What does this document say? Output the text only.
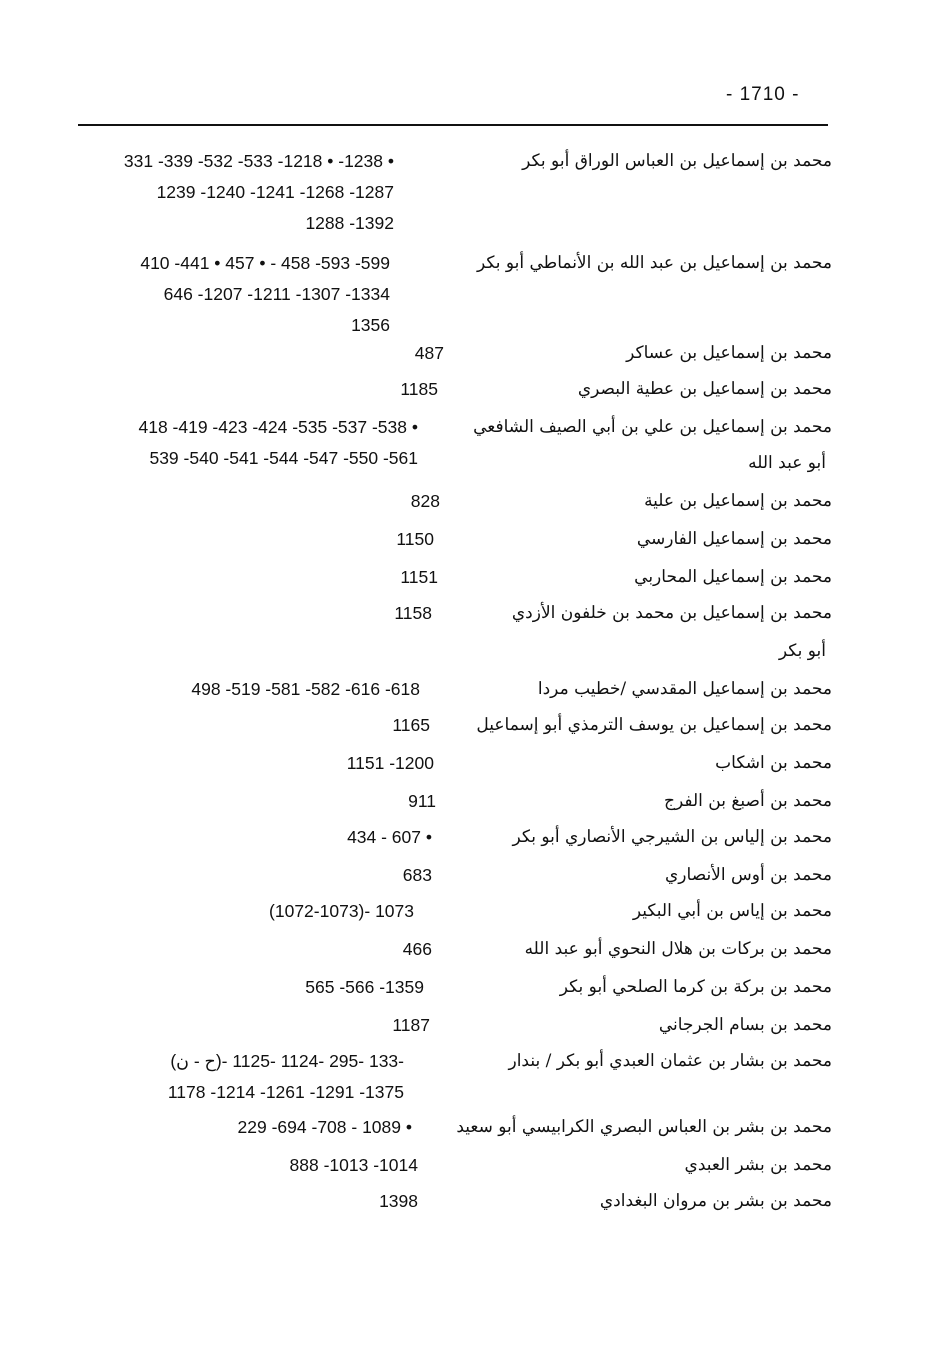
- 1710 -
محمد بن إسماعيل بن العباس الوراق أبو بكر
331 -339 -532 -533 -1218 • -1238 •
1239 -1240 -1241 -1268 -1287
1288 -1392
محمد بن إسماعيل بن عبد الله بن الأنماطي أبو بكر
410 -441 • 457 • - 458 -593 -599
646 -1207 -1211 -1307 -1334
1356
محمد بن إسماعيل بن عساكر
487
محمد بن إسماعيل بن عطية البصري
1185
محمد بن إسماعيل بن علي بن أبي الصيف الشافعي
418 -419 -423 -424 -535 -537 -538 •
539 -540 -541 -544 -547 -550 -561	أبو عبد الله
محمد بن إسماعيل بن علية
828
محمد بن إسماعيل الفارسي
1150
محمد بن إسماعيل المحاربي
1151
محمد بن إسماعيل بن محمد بن خلفون الأزدي
1158
أبو بكر
محمد بن إسماعيل المقدسي /خطيب مردا
498 -519 -581 -582 -616 -618
محمد بن إسماعيل بن يوسف الترمذي أبو إسماعيل
1165
محمد بن اشكاب
1151 -1200
محمد بن أصبغ بن الفرج
911
محمد بن إلياس بن الشيرجي الأنصاري أبو بكر
434 - 607 •
محمد بن أوس الأنصاري
683
محمد بن إياس بن أبي البكير
(1072-1073)- 1073
محمد بن بركات بن هلال النحوي أبو عبد الله
466
محمد بن بركة بن كرما الصلحي أبو بكر
565 -566 -1359
محمد بن بسام الجرجاني
1187
محمد بن بشار بن عثمان العبدي أبو بكر / بندار
(ح - ن)- 133 -295 -1124 -1125-
1178 -1214 -1261 -1291 -1375
محمد بن بشر بن العباس البصري الكرابيسي أبو سعيد
229 -694 -708 - 1089 •
محمد بن بشر العبدي
888 -1013 -1014
محمد بن بشر بن مروان البغدادي
1398
